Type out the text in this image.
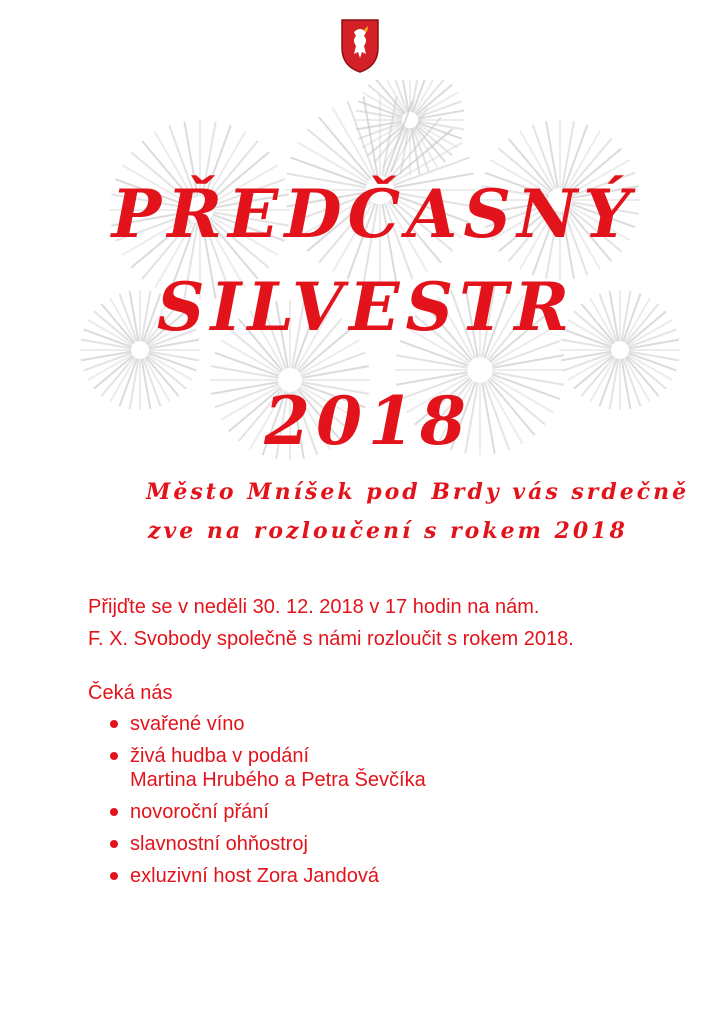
PŘEDČASNÝ
SILVESTR
2018
Město Mníšek pod Brdy vás srdečně
zve na rozloučení s rokem 2018
Přijďte se v neděli 30. 12. 2018 v 17 hodin na nám.
F. X. Svobody společně s námi rozloučit s rokem 2018.
Čeká nás
svařené víno
živá hudba v podání
Martina Hrubého a Petra Ševčíka
novoroční přání
slavnostní ohňostroj
exluzivní host Zora Jandová
